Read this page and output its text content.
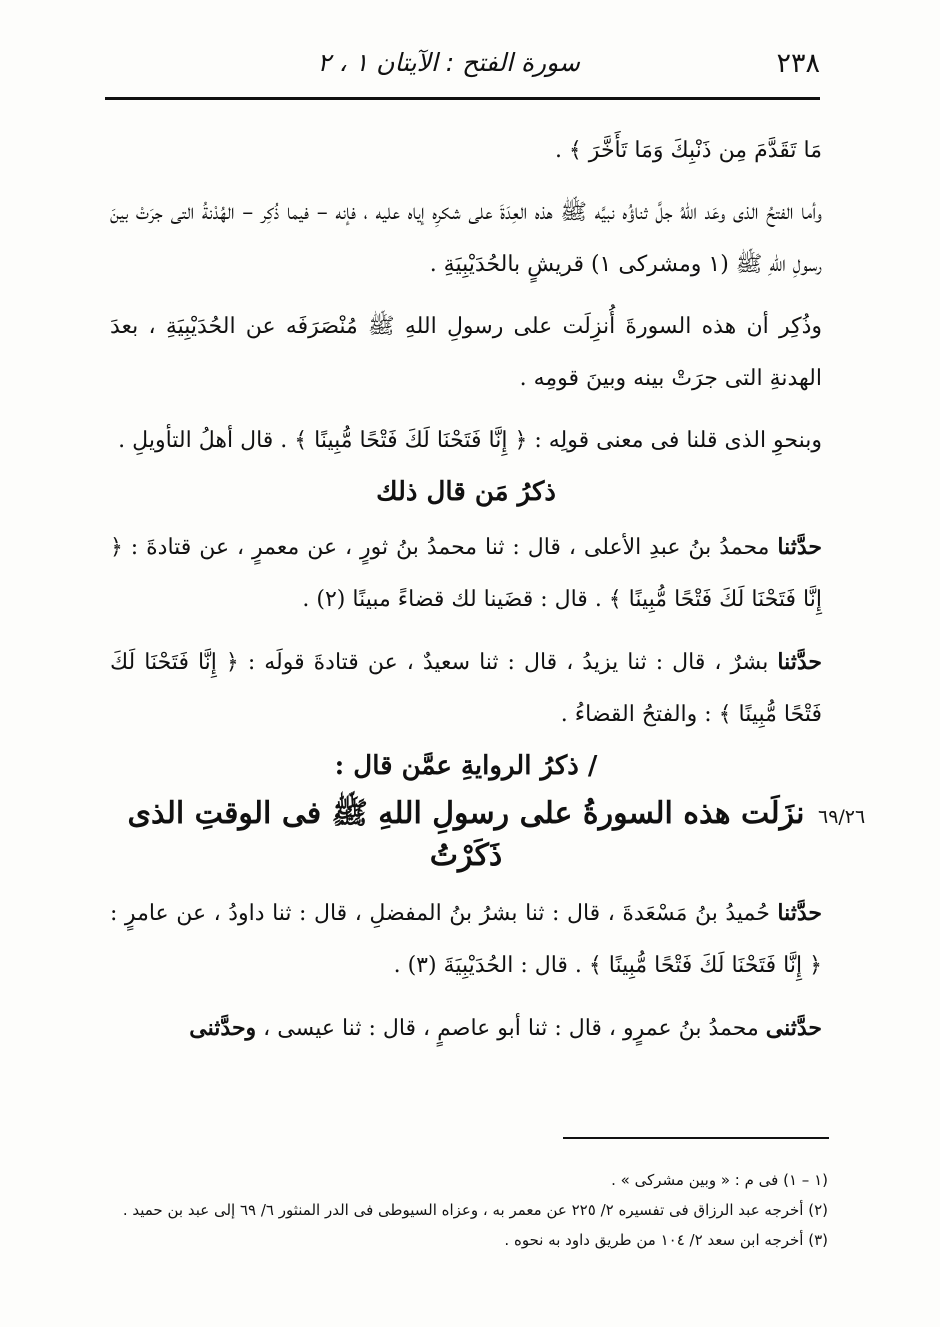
٢٣٨
سورة الفتح : الآيتان ١ ، ٢

مَا تَقَدَّمَ مِن ذَنْبِكَ وَمَا تَأَخَّرَ ﴾ .

وأما الفتحُ الذى وعَد اللهُ جلَّ ثناؤُه نبيَّه ﷺ هذه العِدَةَ على شكرِه إياه عليه ، فإنه – فيما ذُكِر – الهُدْنةُ التى جرَتْ بينَ رسولِ اللهِ ﷺ (١ ومشركى ١) قريشٍ بالحُدَيْبِيَةِ .

وذُكِر أن هذه السورةَ أُنزِلَت على رسولِ اللهِ ﷺ مُنْصَرَفَه عن الحُدَيْبِيَةِ ، بعدَ الهدنةِ التى جرَتْ بينه وبينَ قومِه .

وبنحوِ الذى قلنا فى معنى قولِه : ﴿ إِنَّا فَتَحْنَا لَكَ فَتْحًا مُّبِينًا ﴾ . قال أهلُ التأويلِ .

ذكرُ مَن قال ذلك

حدَّثنا محمدُ بنُ عبدِ الأعلى ، قال : ثنا محمدُ بنُ ثورٍ ، عن معمرٍ ، عن قتادةَ : ﴿ إِنَّا فَتَحْنَا لَكَ فَتْحًا مُّبِينًا ﴾ . قال : قضَينا لك قضاءً مبينًا (٢) .

حدَّثنا بشرٌ ، قال : ثنا يزيدُ ، قال : ثنا سعيدٌ ، عن قتادةَ قولَه : ﴿ إِنَّا فَتَحْنَا لَكَ فَتْحًا مُّبِينًا ﴾ : والفتحُ القضاءُ .

/ ذكرُ الروايةِ عمَّن قال :
نزَلَت هذه السورةُ على رسولِ اللهِ ﷺ فى الوقتِ الذى ذَكَرْتُ

حدَّثنا حُميدُ بنُ مَسْعَدةَ ، قال : ثنا بشرُ بنُ المفضلِ ، قال : ثنا داودُ ، عن عامرٍ : ﴿ إِنَّا فَتَحْنَا لَكَ فَتْحًا مُّبِينًا ﴾ . قال : الحُدَيْبِيَةَ (٣) .

حدَّثنى محمدُ بنُ عمرٍو ، قال : ثنا أبو عاصمٍ ، قال : ثنا عيسى ، وحدَّثنى

٦٩/٢٦

(١ – ١) فى م : « وبين مشركى » .

(٢) أخرجه عبد الرزاق فى تفسيره ٢/ ٢٢٥ عن معمر به ، وعزاه السيوطى فى الدر المنثور ٦/ ٦٩ إلى عبد بن حميد .

(٣) أخرجه ابن سعد ٢/ ١٠٤ من طريق داود به نحوه .
